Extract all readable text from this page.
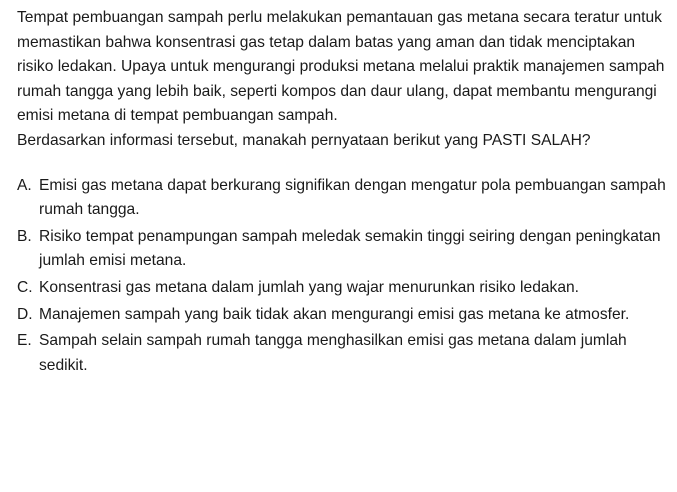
Tempat pembuangan sampah perlu melakukan pemantauan gas metana secara teratur untuk memastikan bahwa konsentrasi gas tetap dalam batas yang aman dan tidak menciptakan risiko ledakan. Upaya untuk mengurangi produksi metana melalui praktik manajemen sampah rumah tangga yang lebih baik, seperti kompos dan daur ulang, dapat membantu mengurangi emisi metana di tempat pembuangan sampah.

Berdasarkan informasi tersebut, manakah pernyataan berikut yang PASTI SALAH?

A. Emisi gas metana dapat berkurang signifikan dengan mengatur pola pembuangan sampah rumah tangga.
B. Risiko tempat penampungan sampah meledak semakin tinggi seiring dengan peningkatan jumlah emisi metana.
C. Konsentrasi gas metana dalam jumlah yang wajar menurunkan risiko ledakan.
D. Manajemen sampah yang baik tidak akan mengurangi emisi gas metana ke atmosfer.
E. Sampah selain sampah rumah tangga menghasilkan emisi gas metana dalam jumlah sedikit.
